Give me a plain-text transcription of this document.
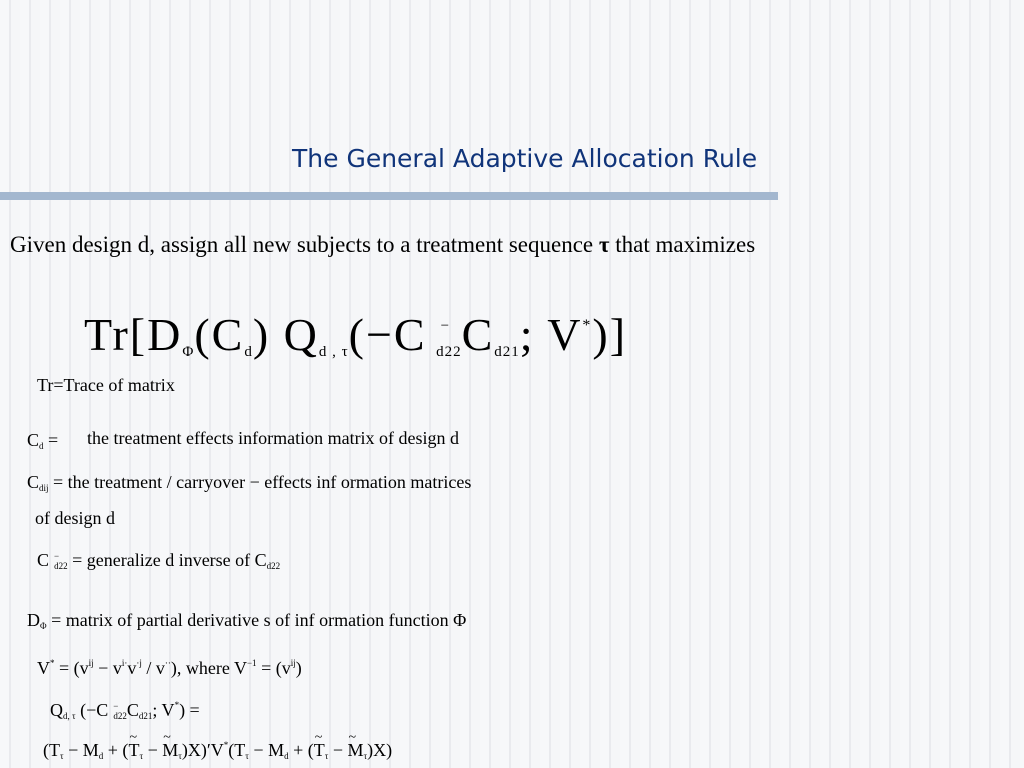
The General Adaptive Allocation Rule
Given design d, assign all new subjects to a treatment sequence τ that maximizes
$Tr[D_\Phi(C_d)$ $Q_{d , \tau}(-C$ $_{-d22}C_{d21}$; V*)]
Tr=Trace of matrix
$C_d$ = the treatment effects information matrix of design d
$C_{dij}$ = the treatment / carryover − effects inf ormation matrices
of design d
C $_{-d22}$ = generalize d inverse of $C_{d22}$
$D_\Phi$ = matrix of partial derivative s of inf ormation function Φ
$V^* = (v^{ij} - v^{i\cdot}v^{\cdot j} / v^{\cdot\cdot})$, where $V^{-1} = (v^{ij})$
$Q_{d, \tau}$ (−C $_{-d22}C_{d21}$; V*) =
($T_\tau - M_d$ + (~ $T_\tau$ − ~ $M_\tau)X)'V^*(T_\tau - M_d$ + (~ $T_\tau$ − ~ $M_\tau)X$)
